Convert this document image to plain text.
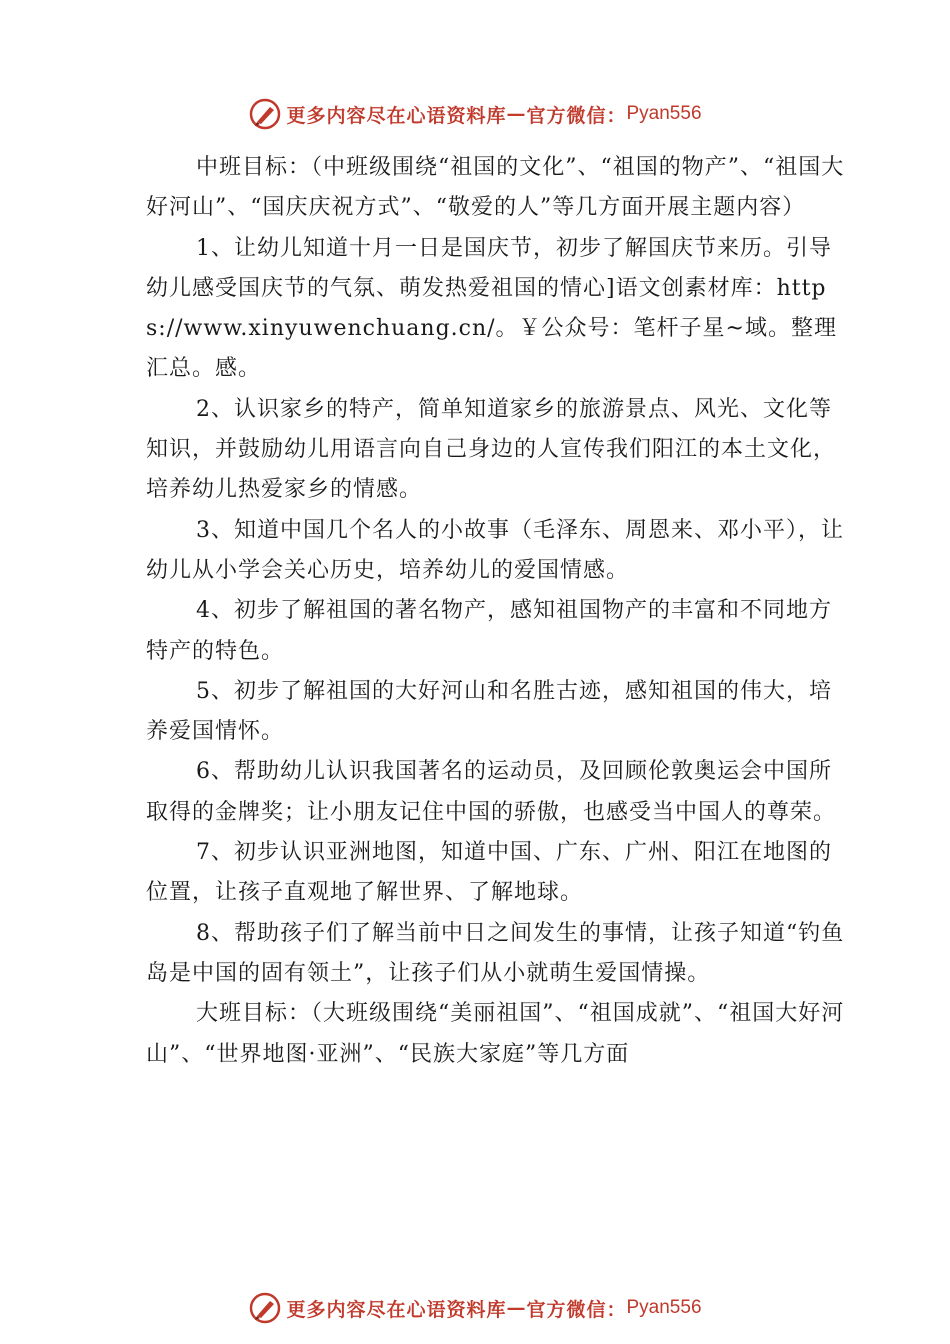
更多内容尽在心语资料库 — 官方微信： Pyan556

中班目标：（中班级围绕“祖国的文化”、“祖国的物产”、“祖国大好河山”、“国庆庆祝方式”、“敬爱的人”等几方面开展主题内容）

1、让幼儿知道十月一日是国庆节，初步了解国庆节来历。引导幼儿感受国庆节的气氛、萌发热爱祖国的情心]语文创素材库：https://www.xinyuwenchuang.cn/。￥公众号：笔杆子星~域。整理汇总。感。

2、认识家乡的特产，简单知道家乡的旅游景点、风光、文化等知识，并鼓励幼儿用语言向自己身边的人宣传我们阳江的本土文化，培养幼儿热爱家乡的情感。

3、知道中国几个名人的小故事（毛泽东、周恩来、邓小平），让幼儿从小学会关心历史，培养幼儿的爱国情感。

4、初步了解祖国的著名物产，感知祖国物产的丰富和不同地方特产的特色。

5、初步了解祖国的大好河山和名胜古迹，感知祖国的伟大，培养爱国情怀。

6、帮助幼儿认识我国著名的运动员，及回顾伦敦奥运会中国所取得的金牌奖；让小朋友记住中国的骄傲，也感受当中国人的尊荣。

7、初步认识亚洲地图，知道中国、广东、广州、阳江在地图的位置，让孩子直观地了解世界、了解地球。

8、帮助孩子们了解当前中日之间发生的事情，让孩子知道“钓鱼岛是中国的固有领土”，让孩子们从小就萌生爱国情操。

大班目标：（大班级围绕“美丽祖国”、“祖国成就”、“祖国大好河山”、“世界地图·亚洲”、“民族大家庭”等几方面

更多内容尽在心语资料库 — 官方微信： Pyan556
